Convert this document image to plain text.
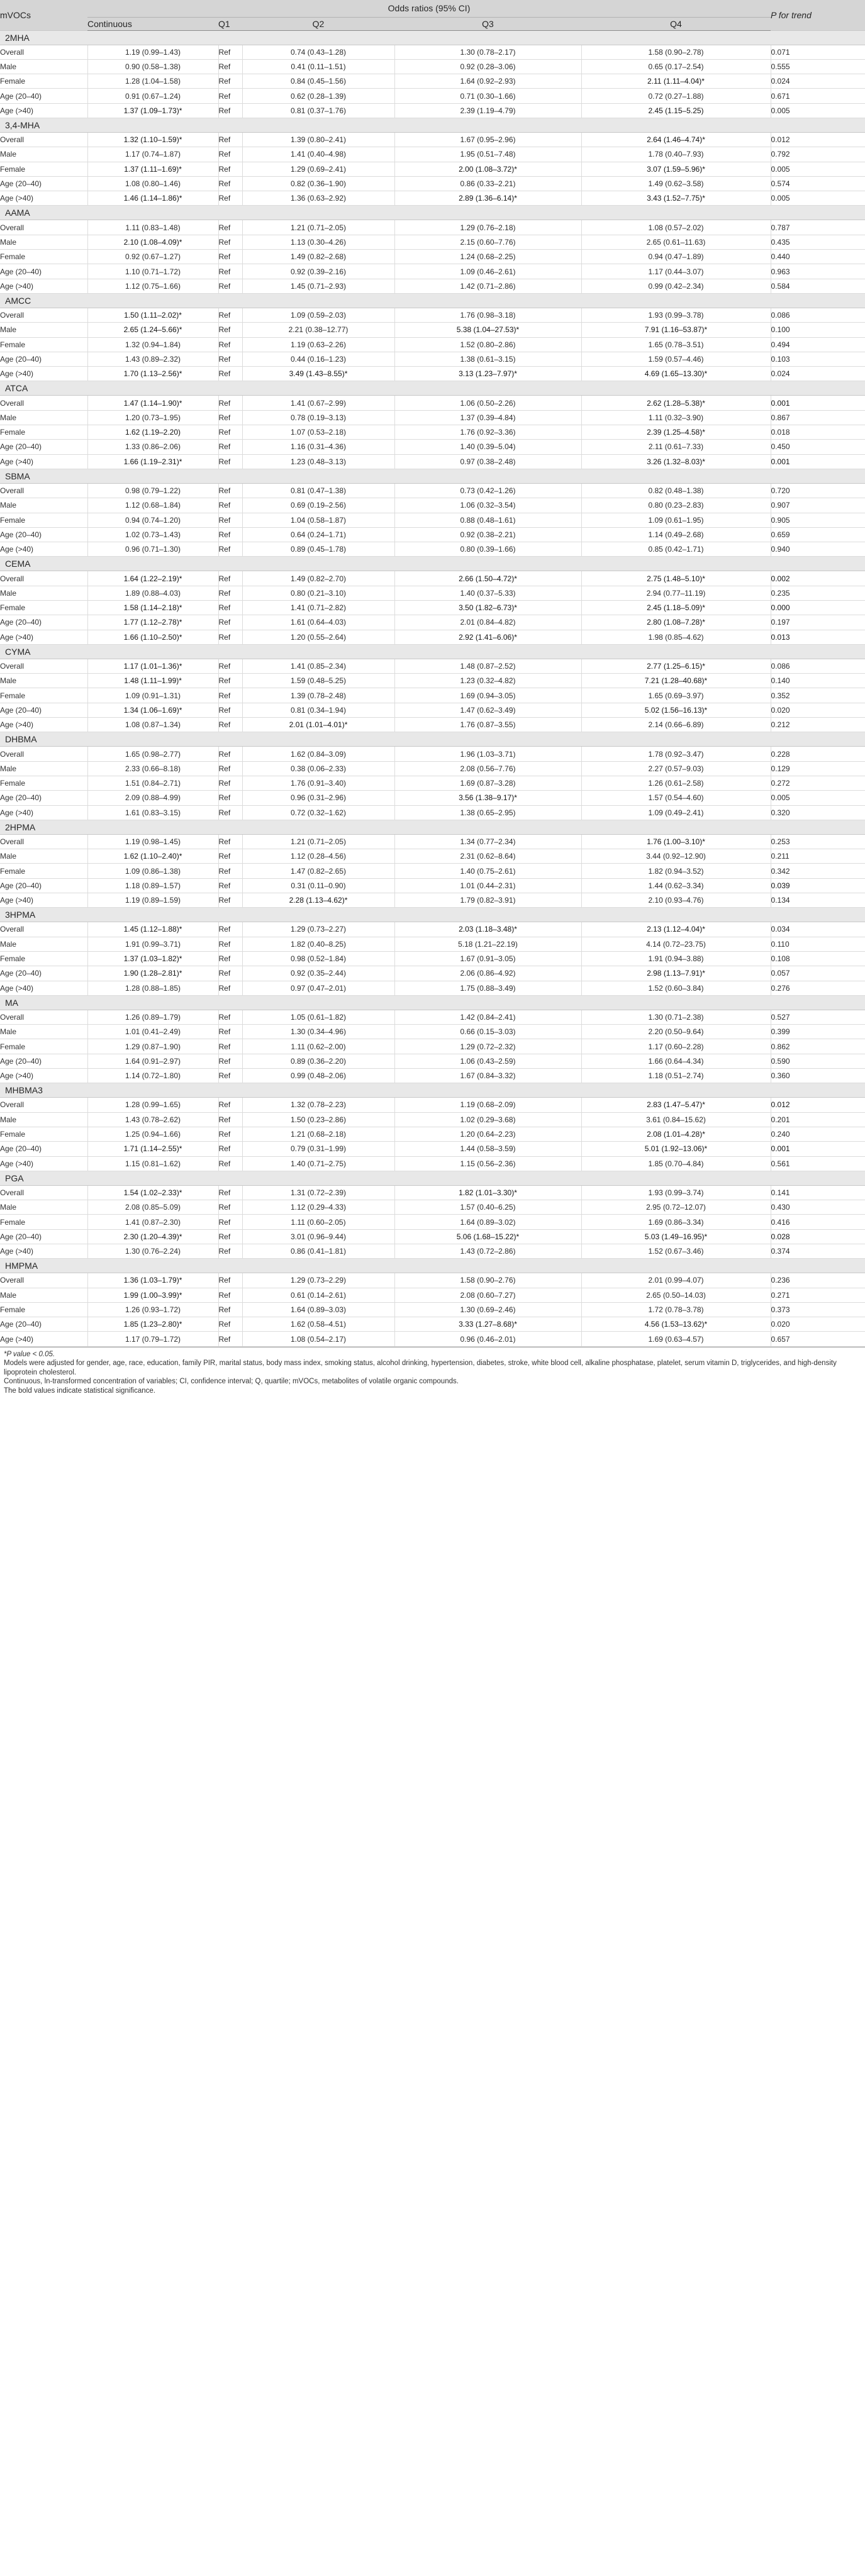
mVOCs	Odds ratios (95% CI)					P for trend
	Continuous	Q1	Q2	Q3	Q4	
2MHA						
Overall	1.19 (0.99–1.43)	Ref	0.74 (0.43–1.28)	1.30 (0.78–2.17)	1.58 (0.90–2.78)	0.071
Male	0.90 (0.58–1.38)	Ref	0.41 (0.11–1.51)	0.92 (0.28–3.06)	0.65 (0.17–2.54)	0.555
Female	1.28 (1.04–1.58)	Ref	0.84 (0.45–1.56)	1.64 (0.92–2.93)	2.11 (1.11–4.04)*	0.024
Age (20–40)	0.91 (0.67–1.24)	Ref	0.62 (0.28–1.39)	0.71 (0.30–1.66)	0.72 (0.27–1.88)	0.671
Age (>40)	1.37 (1.09–1.73)*	Ref	0.81 (0.37–1.76)	2.39 (1.19–4.79)	2.45 (1.15–5.25)	0.005
3,4-MHA						
Overall	1.32 (1.10–1.59)*	Ref	1.39 (0.80–2.41)	1.67 (0.95–2.96)	2.64 (1.46–4.74)*	0.012
Male	1.17 (0.74–1.87)	Ref	1.41 (0.40–4.98)	1.95 (0.51–7.48)	1.78 (0.40–7.93)	0.792
Female	1.37 (1.11–1.69)*	Ref	1.29 (0.69–2.41)	2.00 (1.08–3.72)*	3.07 (1.59–5.96)*	0.005
Age (20–40)	1.08 (0.80–1.46)	Ref	0.82 (0.36–1.90)	0.86 (0.33–2.21)	1.49 (0.62–3.58)	0.574
Age (>40)	1.46 (1.14–1.86)*	Ref	1.36 (0.63–2.92)	2.89 (1.36–6.14)*	3.43 (1.52–7.75)*	0.005
AAMA						
Overall	1.11 (0.83–1.48)	Ref	1.21 (0.71–2.05)	1.29 (0.76–2.18)	1.08 (0.57–2.02)	0.787
Male	2.10 (1.08–4.09)*	Ref	1.13 (0.30–4.26)	2.15 (0.60–7.76)	2.65 (0.61–11.63)	0.435
Female	0.92 (0.67–1.27)	Ref	1.49 (0.82–2.68)	1.24 (0.68–2.25)	0.94 (0.47–1.89)	0.440
Age (20–40)	1.10 (0.71–1.72)	Ref	0.92 (0.39–2.16)	1.09 (0.46–2.61)	1.17 (0.44–3.07)	0.963
Age (>40)	1.12 (0.75–1.66)	Ref	1.45 (0.71–2.93)	1.42 (0.71–2.86)	0.99 (0.42–2.34)	0.584
AMCC						
Overall	1.50 (1.11–2.02)*	Ref	1.09 (0.59–2.03)	1.76 (0.98–3.18)	1.93 (0.99–3.78)	0.086
Male	2.65 (1.24–5.66)*	Ref	2.21 (0.38–12.77)	5.38 (1.04–27.53)*	7.91 (1.16–53.87)*	0.100
Female	1.32 (0.94–1.84)	Ref	1.19 (0.63–2.26)	1.52 (0.80–2.86)	1.65 (0.78–3.51)	0.494
Age (20–40)	1.43 (0.89–2.32)	Ref	0.44 (0.16–1.23)	1.38 (0.61–3.15)	1.59 (0.57–4.46)	0.103
Age (>40)	1.70 (1.13–2.56)*	Ref	3.49 (1.43–8.55)*	3.13 (1.23–7.97)*	4.69 (1.65–13.30)*	0.024
ATCA						
Overall	1.47 (1.14–1.90)*	Ref	1.41 (0.67–2.99)	1.06 (0.50–2.26)	2.62 (1.28–5.38)*	0.001
Male	1.20 (0.73–1.95)	Ref	0.78 (0.19–3.13)	1.37 (0.39–4.84)	1.11 (0.32–3.90)	0.867
Female	1.62 (1.19–2.20)	Ref	1.07 (0.53–2.18)	1.76 (0.92–3.36)	2.39 (1.25–4.58)*	0.018
Age (20–40)	1.33 (0.86–2.06)	Ref	1.16 (0.31–4.36)	1.40 (0.39–5.04)	2.11 (0.61–7.33)	0.450
Age (>40)	1.66 (1.19–2.31)*	Ref	1.23 (0.48–3.13)	0.97 (0.38–2.48)	3.26 (1.32–8.03)*	0.001
SBMA						
Overall	0.98 (0.79–1.22)	Ref	0.81 (0.47–1.38)	0.73 (0.42–1.26)	0.82 (0.48–1.38)	0.720
Male	1.12 (0.68–1.84)	Ref	0.69 (0.19–2.56)	1.06 (0.32–3.54)	0.80 (0.23–2.83)	0.907
Female	0.94 (0.74–1.20)	Ref	1.04 (0.58–1.87)	0.88 (0.48–1.61)	1.09 (0.61–1.95)	0.905
Age (20–40)	1.02 (0.73–1.43)	Ref	0.64 (0.24–1.71)	0.92 (0.38–2.21)	1.14 (0.49–2.68)	0.659
Age (>40)	0.96 (0.71–1.30)	Ref	0.89 (0.45–1.78)	0.80 (0.39–1.66)	0.85 (0.42–1.71)	0.940
CEMA						
Overall	1.64 (1.22–2.19)*	Ref	1.49 (0.82–2.70)	2.66 (1.50–4.72)*	2.75 (1.48–5.10)*	0.002
Male	1.89 (0.88–4.03)	Ref	0.80 (0.21–3.10)	1.40 (0.37–5.33)	2.94 (0.77–11.19)	0.235
Female	1.58 (1.14–2.18)*	Ref	1.41 (0.71–2.82)	3.50 (1.82–6.73)*	2.45 (1.18–5.09)*	0.000
Age (20–40)	1.77 (1.12–2.78)*	Ref	1.61 (0.64–4.03)	2.01 (0.84–4.82)	2.80 (1.08–7.28)*	0.197
Age (>40)	1.66 (1.10–2.50)*	Ref	1.20 (0.55–2.64)	2.92 (1.41–6.06)*	1.98 (0.85–4.62)	0.013
CYMA						
Overall	1.17 (1.01–1.36)*	Ref	1.41 (0.85–2.34)	1.48 (0.87–2.52)	2.77 (1.25–6.15)*	0.086
Male	1.48 (1.11–1.99)*	Ref	1.59 (0.48–5.25)	1.23 (0.32–4.82)	7.21 (1.28–40.68)*	0.140
Female	1.09 (0.91–1.31)	Ref	1.39 (0.78–2.48)	1.69 (0.94–3.05)	1.65 (0.69–3.97)	0.352
Age (20–40)	1.34 (1.06–1.69)*	Ref	0.81 (0.34–1.94)	1.47 (0.62–3.49)	5.02 (1.56–16.13)*	0.020
Age (>40)	1.08 (0.87–1.34)	Ref	2.01 (1.01–4.01)*	1.76 (0.87–3.55)	2.14 (0.66–6.89)	0.212
DHBMA						
Overall	1.65 (0.98–2.77)	Ref	1.62 (0.84–3.09)	1.96 (1.03–3.71)	1.78 (0.92–3.47)	0.228
Male	2.33 (0.66–8.18)	Ref	0.38 (0.06–2.33)	2.08 (0.56–7.76)	2.27 (0.57–9.03)	0.129
Female	1.51 (0.84–2.71)	Ref	1.76 (0.91–3.40)	1.69 (0.87–3.28)	1.26 (0.61–2.58)	0.272
Age (20–40)	2.09 (0.88–4.99)	Ref	0.96 (0.31–2.96)	3.56 (1.38–9.17)*	1.57 (0.54–4.60)	0.005
Age (>40)	1.61 (0.83–3.15)	Ref	0.72 (0.32–1.62)	1.38 (0.65–2.95)	1.09 (0.49–2.41)	0.320
2HPMA						
Overall	1.19 (0.98–1.45)	Ref	1.21 (0.71–2.05)	1.34 (0.77–2.34)	1.76 (1.00–3.10)*	0.253
Male	1.62 (1.10–2.40)*	Ref	1.12 (0.28–4.56)	2.31 (0.62–8.64)	3.44 (0.92–12.90)	0.211
Female	1.09 (0.86–1.38)	Ref	1.47 (0.82–2.65)	1.40 (0.75–2.61)	1.82 (0.94–3.52)	0.342
Age (20–40)	1.18 (0.89–1.57)	Ref	0.31 (0.11–0.90)	1.01 (0.44–2.31)	1.44 (0.62–3.34)	0.039
Age (>40)	1.19 (0.89–1.59)	Ref	2.28 (1.13–4.62)*	1.79 (0.82–3.91)	2.10 (0.93–4.76)	0.134
3HPMA						
Overall	1.45 (1.12–1.88)*	Ref	1.29 (0.73–2.27)	2.03 (1.18–3.48)*	2.13 (1.12–4.04)*	0.034
Male	1.91 (0.99–3.71)	Ref	1.82 (0.40–8.25)	5.18 (1.21–22.19)	4.14 (0.72–23.75)	0.110
Female	1.37 (1.03–1.82)*	Ref	0.98 (0.52–1.84)	1.67 (0.91–3.05)	1.91 (0.94–3.88)	0.108
Age (20–40)	1.90 (1.28–2.81)*	Ref	0.92 (0.35–2.44)	2.06 (0.86–4.92)	2.98 (1.13–7.91)*	0.057
Age (>40)	1.28 (0.88–1.85)	Ref	0.97 (0.47–2.01)	1.75 (0.88–3.49)	1.52 (0.60–3.84)	0.276
MA						
Overall	1.26 (0.89–1.79)	Ref	1.05 (0.61–1.82)	1.42 (0.84–2.41)	1.30 (0.71–2.38)	0.527
Male	1.01 (0.41–2.49)	Ref	1.30 (0.34–4.96)	0.66 (0.15–3.03)	2.20 (0.50–9.64)	0.399
Female	1.29 (0.87–1.90)	Ref	1.11 (0.62–2.00)	1.29 (0.72–2.32)	1.17 (0.60–2.28)	0.862
Age (20–40)	1.64 (0.91–2.97)	Ref	0.89 (0.36–2.20)	1.06 (0.43–2.59)	1.66 (0.64–4.34)	0.590
Age (>40)	1.14 (0.72–1.80)	Ref	0.99 (0.48–2.06)	1.67 (0.84–3.32)	1.18 (0.51–2.74)	0.360
MHBMA3						
Overall	1.28 (0.99–1.65)	Ref	1.32 (0.78–2.23)	1.19 (0.68–2.09)	2.83 (1.47–5.47)*	0.012
Male	1.43 (0.78–2.62)	Ref	1.50 (0.23–2.86)	1.02 (0.29–3.68)	3.61 (0.84–15.62)	0.201
Female	1.25 (0.94–1.66)	Ref	1.21 (0.68–2.18)	1.20 (0.64–2.23)	2.08 (1.01–4.28)*	0.240
Age (20–40)	1.71 (1.14–2.55)*	Ref	0.79 (0.31–1.99)	1.44 (0.58–3.59)	5.01 (1.92–13.06)*	0.001
Age (>40)	1.15 (0.81–1.62)	Ref	1.40 (0.71–2.75)	1.15 (0.56–2.36)	1.85 (0.70–4.84)	0.561
PGA						
Overall	1.54 (1.02–2.33)*	Ref	1.31 (0.72–2.39)	1.82 (1.01–3.30)*	1.93 (0.99–3.74)	0.141
Male	2.08 (0.85–5.09)	Ref	1.12 (0.29–4.33)	1.57 (0.40–6.25)	2.95 (0.72–12.07)	0.430
Female	1.41 (0.87–2.30)	Ref	1.11 (0.60–2.05)	1.64 (0.89–3.02)	1.69 (0.86–3.34)	0.416
Age (20–40)	2.30 (1.20–4.39)*	Ref	3.01 (0.96–9.44)	5.06 (1.68–15.22)*	5.03 (1.49–16.95)*	0.028
Age (>40)	1.30 (0.76–2.24)	Ref	0.86 (0.41–1.81)	1.43 (0.72–2.86)	1.52 (0.67–3.46)	0.374
HMPMA						
Overall	1.36 (1.03–1.79)*	Ref	1.29 (0.73–2.29)	1.58 (0.90–2.76)	2.01 (0.99–4.07)	0.236
Male	1.99 (1.00–3.99)*	Ref	0.61 (0.14–2.61)	2.08 (0.60–7.27)	2.65 (0.50–14.03)	0.271
Female	1.26 (0.93–1.72)	Ref	1.64 (0.89–3.03)	1.30 (0.69–2.46)	1.72 (0.78–3.78)	0.373
Age (20–40)	1.85 (1.23–2.80)*	Ref	1.62 (0.58–4.51)	3.33 (1.27–8.68)*	4.56 (1.53–13.62)*	0.020
Age (>40)	1.17 (0.79–1.72)	Ref	1.08 (0.54–2.17)	0.96 (0.46–2.01)	1.69 (0.63–4.57)	0.657

*P value < 0.05.

Models were adjusted for gender, age, race, education, family PIR, marital status, body mass index, smoking status, alcohol drinking, hypertension, diabetes, stroke, white blood cell, alkaline phosphatase, platelet, serum vitamin D, triglycerides, and high-density lipoprotein cholesterol.

Continuous, ln-transformed concentration of variables; CI, confidence interval; Q, quartile; mVOCs, metabolites of volatile organic compounds.

The bold values indicate statistical significance.
